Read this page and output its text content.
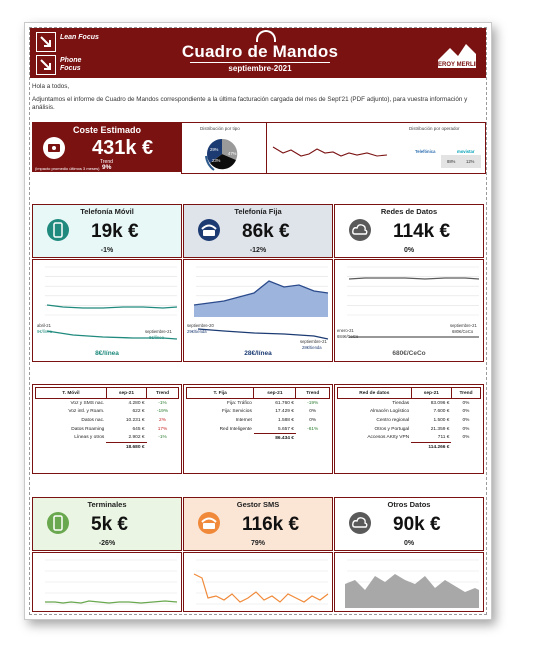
Lean Focus
Phone Focus
Cuadro de Mandos
septiembre-2021	LEROY MERLIN
Hola a todos,
Adjuntamos el informe de Cuadro de Mandos correspondiente a la última facturación cargada del mes de Sept'21 (PDF adjunto), para vuestra información y análisis.
Coste Estimado
431k €
Trend
(impacto promedio últimos 3 meses) 9%
Distribución por tipo
47%
23%
29%
Distribución por operador
Telefónica	movistar
88%	12%
T. Móvil	sep-21	Trend
Voz y SMS nac.	4.280 €	-1%
Voz intl. y Roam.	622 €	-19%
Datos nac.	10.231 €	2%
Datos Roaming	645 €	17%
Líneas y otros	2.902 €	-1%
	18.680 €	
T. Fija	sep-21	Trend
Fija: Tráfico	61.760 €	-19%
Fija: Servicios	17.429 €	0%
Internet	1.588 €	0%
Red Inteligente	5.657 €	-61%
	86.434 €	
Red de datos	sep-21	Trend
Tiendas	83.096 €	0%
Almacén Logístico	7.600 €	0%
Centro regional	1.500 €	0%
Otros y Portugal	21.359 €	0%
Accesos AKIty VPN	711 €	0%
	114.266 €	
Telefonía Móvil
19k €
-1%
Telefonía Fija
86k €
-12%
Redes de Datos
114k €
0%
Terminales
5k €
-26%
Gestor SMS
116k €
79%
Otros Datos
90k €
0%
abril-21
9€/línea	septiembre-21
8€/línea
8€/línea
septiembre-20
29€/tienda
septiembre-21
28€/tienda
28€/línea
enero-21
684€/CeCo
septiembre-21
680€/CeCo
680€/CeCo
